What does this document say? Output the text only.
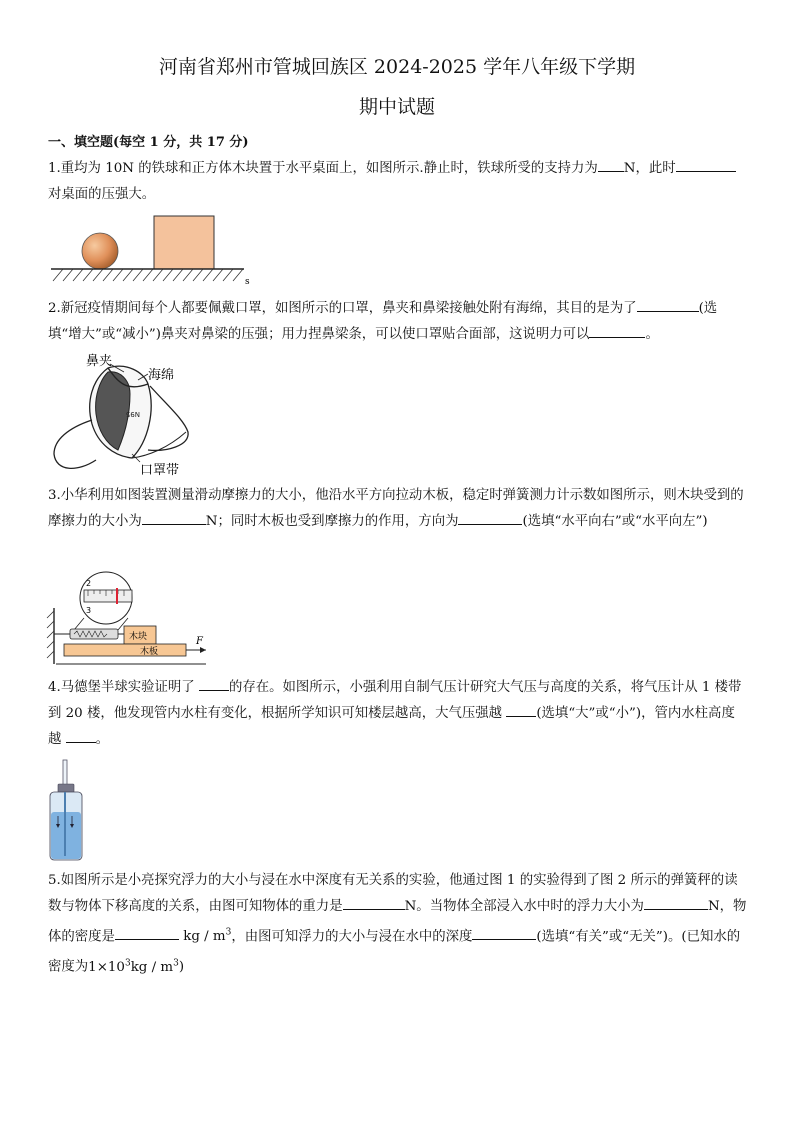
河南省郑州市管城回族区 2024-2025 学年八年级下学期
期中试题
一、填空题(每空 1 分，共 17 分)
1.重均为 10N 的铁球和正方体木块置于水平桌面上，如图所示.静止时，铁球所受的支持力为 N，此时对桌面的压强大。
s
2.新冠疫情期间每个人都要佩戴口罩，如图所示的口罩，鼻夹和鼻梁接触处附有海绵，其目的是为了	(选填“增大”或“减小”)鼻夹对鼻梁的压强；用力捏鼻梁条，可以使口罩贴合面部，这说明力可以	。
N95
鼻夹
海绵
口罩带
3.小华利用如图装置测量滑动摩擦力的大小，他沿水平方向拉动木板，稳定时弹簧测力计示数如图所示，则木块受到的摩擦力的大小为	N；同时木板也受到摩擦力的作用，方向为	(选填“水平向右”或“水平向左”)
2
3
木块
木板
F
4.马德堡半球实验证明了 的存在。如图所示，小强利用自制气压计研究大气压与高度的关系，将气压计从 1 楼带到 20 楼，他发现管内水柱有变化，根据所学知识可知楼层越高，大气压强越 (选填“大”或“小”)，管内水柱高度越 。
5.如图所示是小亮探究浮力的大小与浸在水中深度有无关系的实验，他通过图 1 的实验得到了图 2 所示的弹簧秤的读数与物体下移高度的关系，由图可知物体的重力是	N。当物体全部浸入水中时的浮力大小为	N，物体的密度是	kg / $m^3$，由图可知浮力的大小与浸在水中的深度	(选填“有关”或“无关”)。(已知水的密度为$1\times 10^3kg / m^3$)
